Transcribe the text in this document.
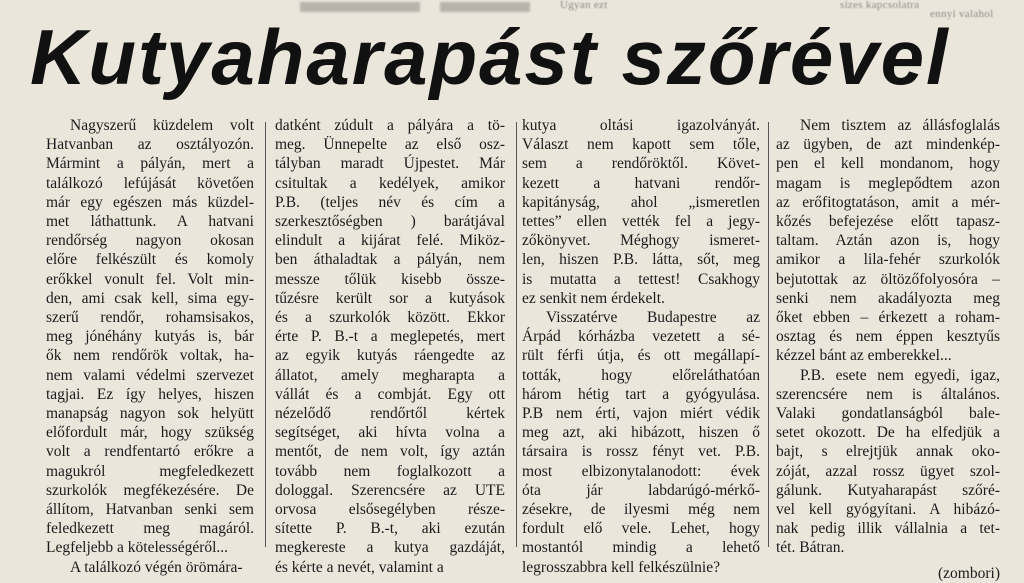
Ugyan ezt	sízes kapcsolatra
ennyi valahol
Kutyaharapást szőrével

Nagyszerű küzdelem volt
Hatvanban az osztályozón.
Mármint a pályán, mert a
találkozó lefújását követően
már egy egészen más küzdel-
met láthattunk. A hatvani
rendőrség nagyon okosan
előre felkészült és komoly
erőkkel vonult fel. Volt min-
den, ami csak kell, sima egy-
szerű rendőr, rohamsisakos,
meg jónéhány kutyás is, bár
ők nem rendőrök voltak, ha-
nem valami védelmi szervezet
tagjai. Ez így helyes, hiszen
manapság nagyon sok helyütt
előfordult már, hogy szükség
volt a rendfentartó erőkre a
magukról megfeledkezett
szurkolók megfékezésére. De
állítom, Hatvanban senki sem
feledkezett meg magáról.
Legfeljebb a kötelességéről...

A találkozó végén örömára-

datként zúdult a pályára a tö-
meg. Ünnepelte az első osz-
tályban maradt Újpestet. Már
csitultak a kedélyek, amikor
P.B. (teljes név és cím a
szerkesztőségben ) barátjával
elindult a kijárat felé. Miköz-
ben áthaladtak a pályán, nem
messze tőlük kisebb összе-
tűzésre került sor a kutyások
és a szurkolók között. Ekkor
érte P. B.-t a meglepetés, mert
az egyik kutyás ráengedte az
állatot, amely megharapta a
vállát és a combját. Egy ott
nézelődő rendőrtől kértek
segítséget, aki hívta volna a
mentőt, de nem volt, így aztán
tovább nem foglalkozott a
dologgal. Szerencsére az UTE
orvosa elsősegélyben része-
sítette P. B.-t, aki ezután
megkereste a kutya gazdáját,
és kérte a nevét, valamint a

kutya oltási igazolványát.
Választ nem kapott sem tőle,
sem a rendőröktől. Követ-
kezett a hatvani rendőr-
kapitányság, ahol „ismeretlen
tettes” ellen vették fel a jegy-
zőkönyvet. Méghogy ismeret-
len, hiszen P.B. látta, sőt, meg
is mutatta a tettest! Csakhogy
ez senkit nem érdekelt.

Visszatérve Budapestre az
Árpád kórházba vezetett a sé-
rült férfi útja, és ott megállapí-
tották, hogy előreláthatóan
három hétig tart a gyógyulása.
P.B nem érti, vajon miért védik
meg azt, aki hibázott, hiszen ő
társaira is rossz fényt vet. P.B.
most elbizonytalanodott: évek
óta jár labdarúgó-mérkő-
zésekre, de ilyesmi még nem
fordult elő vele. Lehet, hogy
mostantól mindig a lehető
legrosszabbra kell felkészülnie?

Nem tisztem az állásfoglalás
az ügyben, de azt mindenkép-
pen el kell mondanom, hogy
magam is meglepődtem azon
az erőfitogtatáson, amit a mér-
kőzés befejezése előtt tapasz-
taltam. Aztán azon is, hogy
amikor a lila-fehér szurkolók
bejutottak az öltözőfolyosóra –
senki nem akadályozta meg
őket ebben – érkezett a roham-
osztag és nem éppen kesztyűs
kézzel bánt az emberekkel...

P.B. esete nem egyedi, igaz,
szerencsére nem is általános.
Valaki gondatlanságból bale-
setet okozott. De ha elfedjük a
bajt, s elrejtjük annak oko-
zóját, azzal rossz ügyet szol-
gálunk. Kutyaharapást szőré-
vel kell gyógyítani. A hibázó-
nak pedig illik vállalnia a tet-
tét. Bátran.

(zombori)
